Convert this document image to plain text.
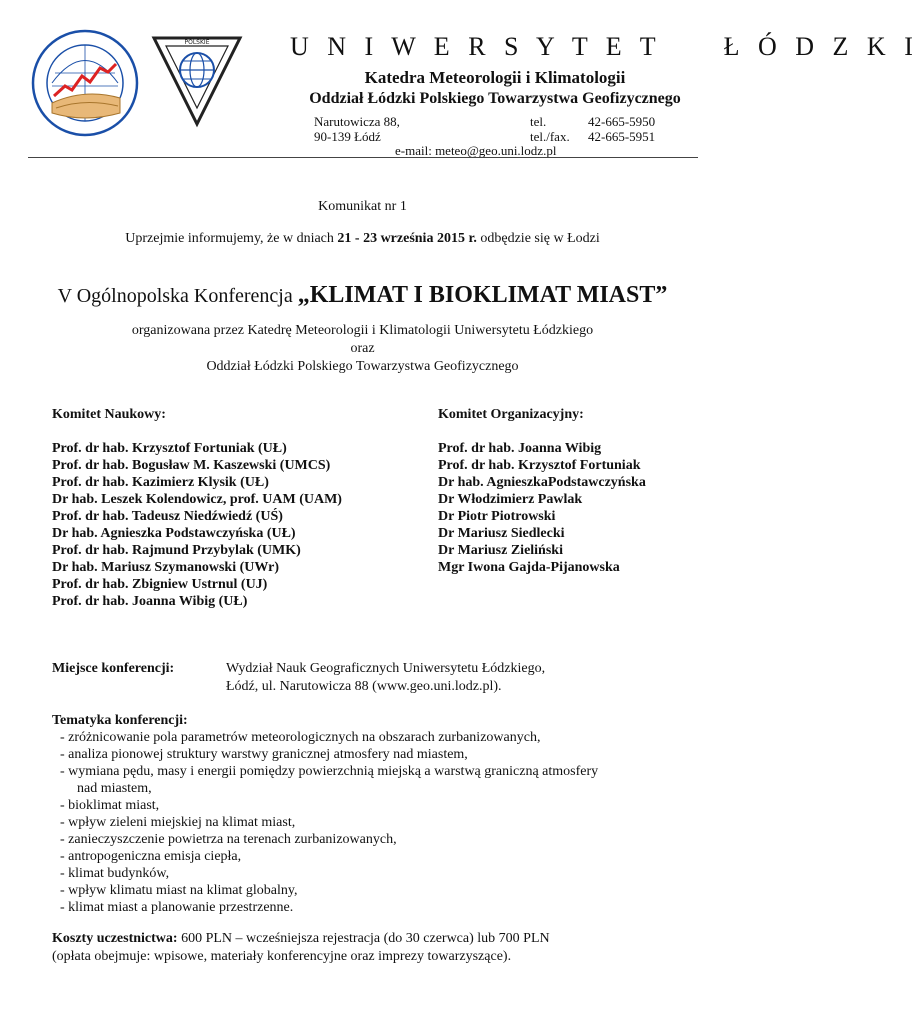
POLSKIE	U N I W E R S Y T E T     Ł Ó D Z K I
Katedra Meteorologii i Klimatologii
Oddział Łódzki Polskiego Towarzystwa Geofizycznego
Narutowicza 88,
90-139 Łódź
tel.	42-665-5950
tel./fax. 42-665-5951
e-mail: meteo@geo.uni.lodz.pl
Komunikat nr 1
Uprzejmie informujemy, że w dniach 21 - 23 września 2015 r. odbędzie się w Łodzi
V Ogólnopolska Konferencja „KLIMAT I BIOKLIMAT MIAST”
organizowana przez Katedrę Meteorologii i Klimatologii Uniwersytetu Łódzkiego
oraz
Oddział Łódzki Polskiego Towarzystwa Geofizycznego
Komitet Naukowy:
Prof. dr hab. Krzysztof Fortuniak (UŁ)
Prof. dr hab. Bogusław M. Kaszewski (UMCS)
Prof. dr hab. Kazimierz Klysik (UŁ)
Dr hab. Leszek Kolendowicz, prof. UAM (UAM)
Prof. dr hab. Tadeusz Niedźwiedź (UŚ)
Dr hab. Agnieszka Podstawczyńska (UŁ)
Prof. dr hab. Rajmund Przybylak (UMK)
Dr hab. Mariusz Szymanowski (UWr)
Prof. dr hab. Zbigniew Ustrnul (UJ)
Prof. dr hab. Joanna Wibig (UŁ)
Komitet Organizacyjny:
Prof. dr hab. Joanna Wibig
Prof. dr hab. Krzysztof Fortuniak
Dr hab. AgnieszkaPodstawczyńska
Dr Włodzimierz Pawlak
Dr Piotr Piotrowski
Dr Mariusz Siedlecki
Dr Mariusz Zieliński
Mgr Iwona Gajda-Pijanowska
Miejsce konferencji:	Wydział Nauk Geograficznych Uniwersytetu Łódzkiego,
Łódź, ul. Narutowicza 88 (www.geo.uni.lodz.pl).
Tematyka konferencji:
- zróżnicowanie pola parametrów meteorologicznych na obszarach zurbanizowanych,
- analiza pionowej struktury warstwy granicznej atmosfery nad miastem,
- wymiana pędu, masy i energii pomiędzy powierzchnią miejską a warstwą graniczną atmosfery
nad miastem,
- bioklimat miast,
- wpływ zieleni miejskiej na klimat miast,
- zanieczyszczenie powietrza na terenach zurbanizowanych,
- antropogeniczna emisja ciepła,
- klimat budynków,
- wpływ klimatu miast na klimat globalny,
- klimat miast a planowanie przestrzenne.
Koszty uczestnictwa: 600 PLN – wcześniejsza rejestracja (do 30 czerwca) lub 700 PLN
(opłata obejmuje: wpisowe, materiały konferencyjne oraz imprezy towarzyszące).
